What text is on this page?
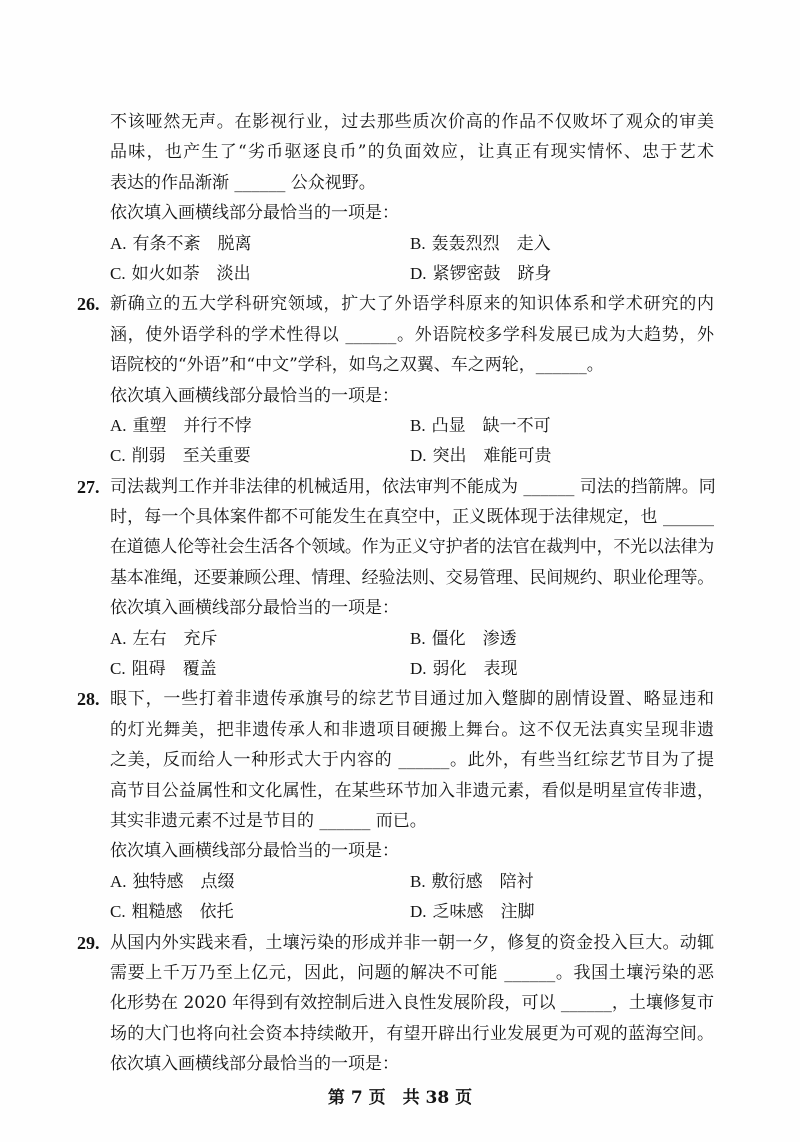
不该哑然无声。在影视行业，过去那些质次价高的作品不仅败坏了观众的审美
品味，也产生了“劣币驱逐良币”的负面效应，让真正有现实情怀、忠于艺术
表达的作品渐渐 ______ 公众视野。
依次填入画横线部分最恰当的一项是：
A. 有条不紊　脱离	B. 轰轰烈烈　走入
C. 如火如荼　淡出	D. 紧锣密鼓　跻身
26. 新确立的五大学科研究领域，扩大了外语学科原来的知识体系和学术研究的内
涵，使外语学科的学术性得以 ______。外语院校多学科发展已成为大趋势，外
语院校的“外语”和“中文”学科，如鸟之双翼、车之两轮，______。
依次填入画横线部分最恰当的一项是：
A. 重塑　并行不悖	B. 凸显　缺一不可
C. 削弱　至关重要	D. 突出　难能可贵
27. 司法裁判工作并非法律的机械适用，依法审判不能成为 ______ 司法的挡箭牌。同
时，每一个具体案件都不可能发生在真空中，正义既体现于法律规定，也 ______
在道德人伦等社会生活各个领域。作为正义守护者的法官在裁判中，不光以法律为
基本准绳，还要兼顾公理、情理、经验法则、交易管理、民间规约、职业伦理等。
依次填入画横线部分最恰当的一项是：
A. 左右　充斥	B. 僵化　渗透
C. 阻碍　覆盖	D. 弱化　表现
28. 眼下，一些打着非遗传承旗号的综艺节目通过加入蹩脚的剧情设置、略显违和
的灯光舞美，把非遗传承人和非遗项目硬搬上舞台。这不仅无法真实呈现非遗
之美，反而给人一种形式大于内容的 ______。此外，有些当红综艺节目为了提
高节目公益属性和文化属性，在某些环节加入非遗元素，看似是明星宣传非遗，
其实非遗元素不过是节目的 ______ 而已。
依次填入画横线部分最恰当的一项是：
A. 独特感　点缀	B. 敷衍感　陪衬
C. 粗糙感　依托	D. 乏味感　注脚
29. 从国内外实践来看，土壤污染的形成并非一朝一夕，修复的资金投入巨大。动辄
需要上千万乃至上亿元，因此，问题的解决不可能 ______。我国土壤污染的恶
化形势在 2020 年得到有效控制后进入良性发展阶段，可以 ______，土壤修复市
场的大门也将向社会资本持续敞开，有望开辟出行业发展更为可观的蓝海空间。
依次填入画横线部分最恰当的一项是：
第 7 页　共 38 页
